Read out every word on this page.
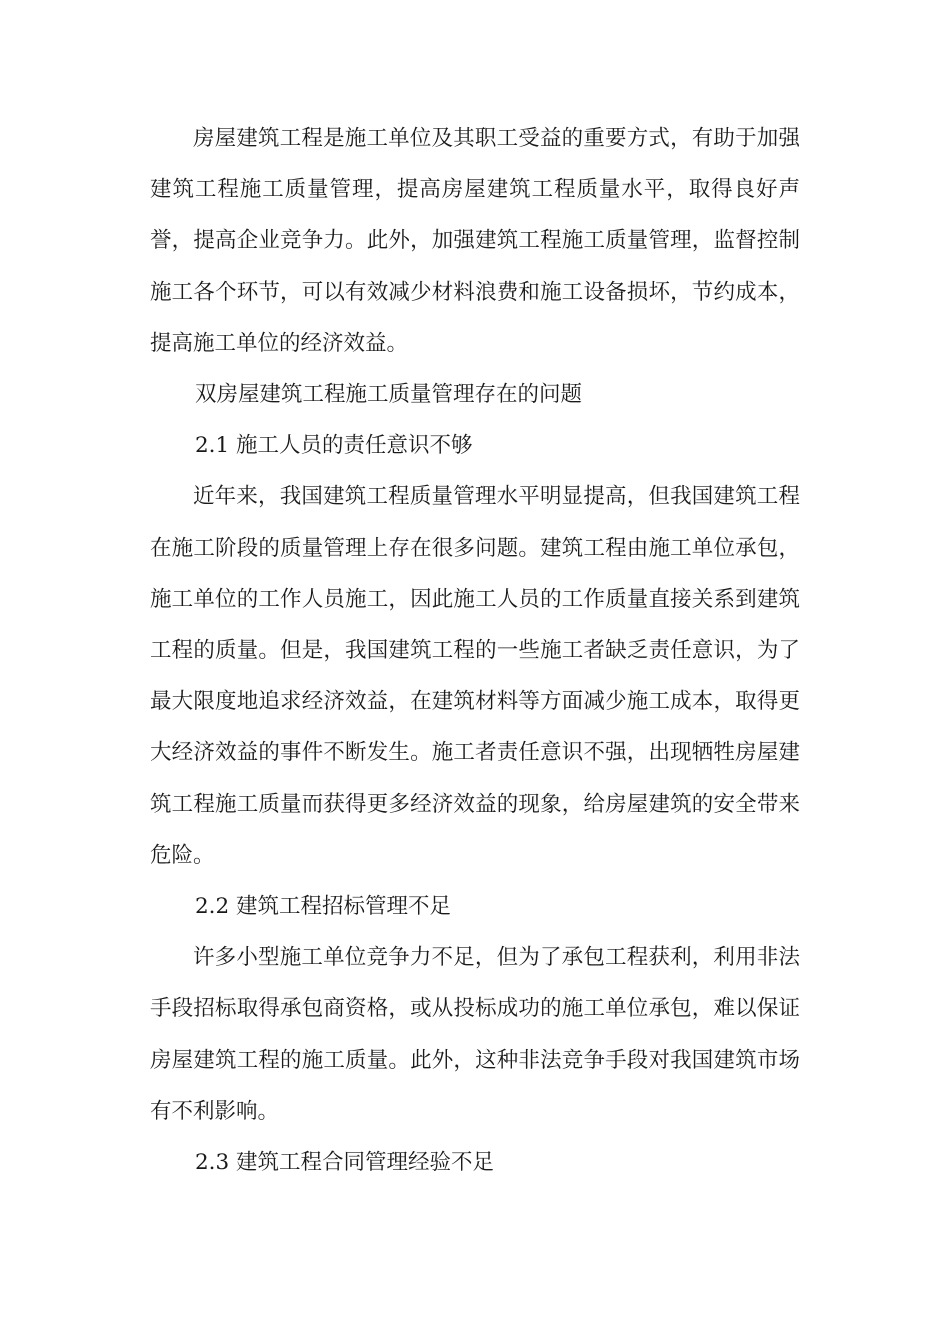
房屋建筑工程是施工单位及其职工受益的重要方式，有助于加强建筑工程施工质量管理，提高房屋建筑工程质量水平，取得良好声誉，提高企业竞争力。此外，加强建筑工程施工质量管理，监督控制施工各个环节，可以有效减少材料浪费和施工设备损坏，节约成本，提高施工单位的经济效益。

双房屋建筑工程施工质量管理存在的问题

2.1 施工人员的责任意识不够

近年来，我国建筑工程质量管理水平明显提高，但我国建筑工程在施工阶段的质量管理上存在很多问题。建筑工程由施工单位承包，施工单位的工作人员施工，因此施工人员的工作质量直接关系到建筑工程的质量。但是，我国建筑工程的一些施工者缺乏责任意识，为了最大限度地追求经济效益，在建筑材料等方面减少施工成本，取得更大经济效益的事件不断发生。施工者责任意识不强，出现牺牲房屋建筑工程施工质量而获得更多经济效益的现象，给房屋建筑的安全带来危险。

2.2 建筑工程招标管理不足

许多小型施工单位竞争力不足，但为了承包工程获利，利用非法手段招标取得承包商资格，或从投标成功的施工单位承包，难以保证房屋建筑工程的施工质量。此外，这种非法竞争手段对我国建筑市场有不利影响。

2.3 建筑工程合同管理经验不足
